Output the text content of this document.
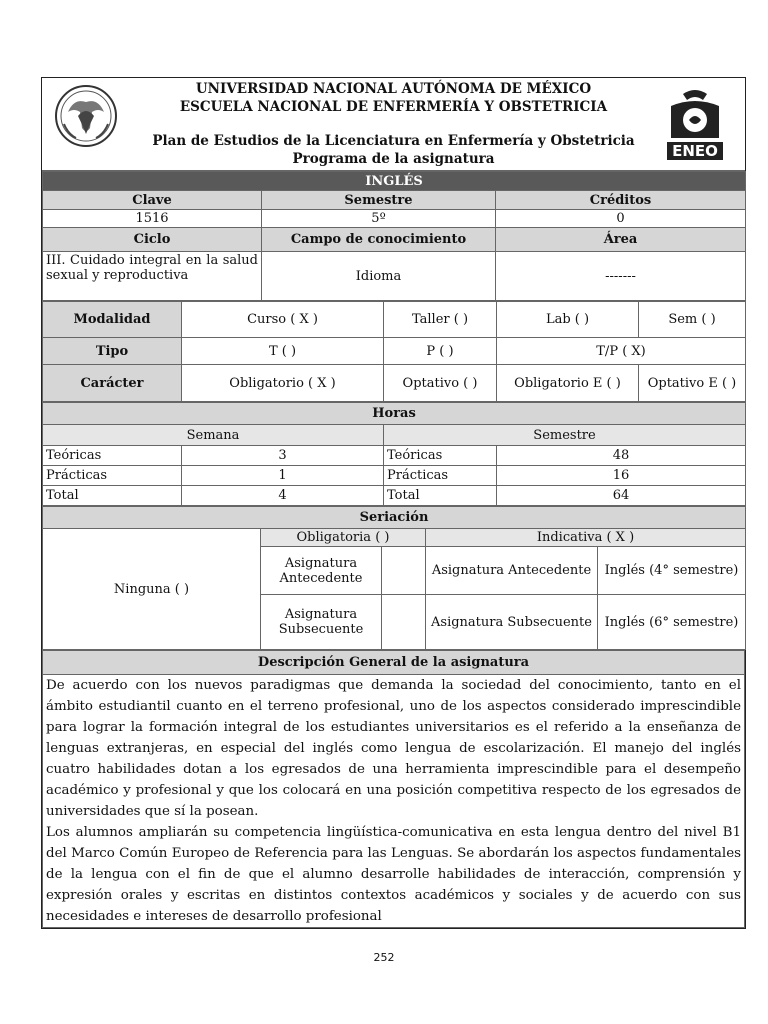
UNIVERSIDAD NACIONAL AUTÓNOMA DE MÉXICO
ESCUELA NACIONAL DE ENFERMERÍA Y OBSTETRICIA
Plan de Estudios de la Licenciatura en Enfermería y Obstetricia
Programa de la asignatura	ENEO
INGLÉS		
Clave	Semestre	Créditos
1516	5º	0
Ciclo	Campo de conocimiento	Área
III. Cuidado integral en la salud sexual y reproductiva	Idioma	-------
Modalidad	Curso ( X )	Taller ( )	Lab ( )	Sem ( )
Tipo	T ( )	P ( )	T/P ( X)	
Carácter	Obligatorio ( X )	Optativo ( )	Obligatorio E ( )	Optativo E ( )
Horas			
Semana		Semestre	
Teóricas	3	Teóricas	48
Prácticas	1	Prácticas	16
Total	4	Total	64
Seriación				
Ninguna ( )	Obligatoria ( )		Indicativa ( X )	
	Asignatura Antecedente		Asignatura Antecedente	Inglés (4° semestre)
	Asignatura Subsecuente		Asignatura Subsecuente	Inglés (6° semestre)
Descripción General de la asignatura

De acuerdo con los nuevos paradigmas que demanda la sociedad del conocimiento, tanto en el ámbito estudiantil cuanto en el terreno profesional, uno de los aspectos considerado imprescindible para lograr la formación integral de los estudiantes universitarios es el referido a la enseñanza de lenguas extranjeras, en especial del inglés como lengua de escolarización. El manejo del inglés cuatro habilidades dotan a los egresados de una herramienta imprescindible para el desempeño académico y profesional y que los colocará en una posición competitiva respecto de los egresados de universidades que sí la posean.

Los alumnos ampliarán su competencia lingüística-comunicativa en esta lengua dentro del nivel B1 del Marco Común Europeo de Referencia para las Lenguas. Se abordarán los aspectos fundamentales de la lengua con el fin de que el alumno desarrolle habilidades de interacción, comprensión y expresión orales y escritas en distintos contextos académicos y sociales y de acuerdo con sus necesidades e intereses de desarrollo profesional

252
